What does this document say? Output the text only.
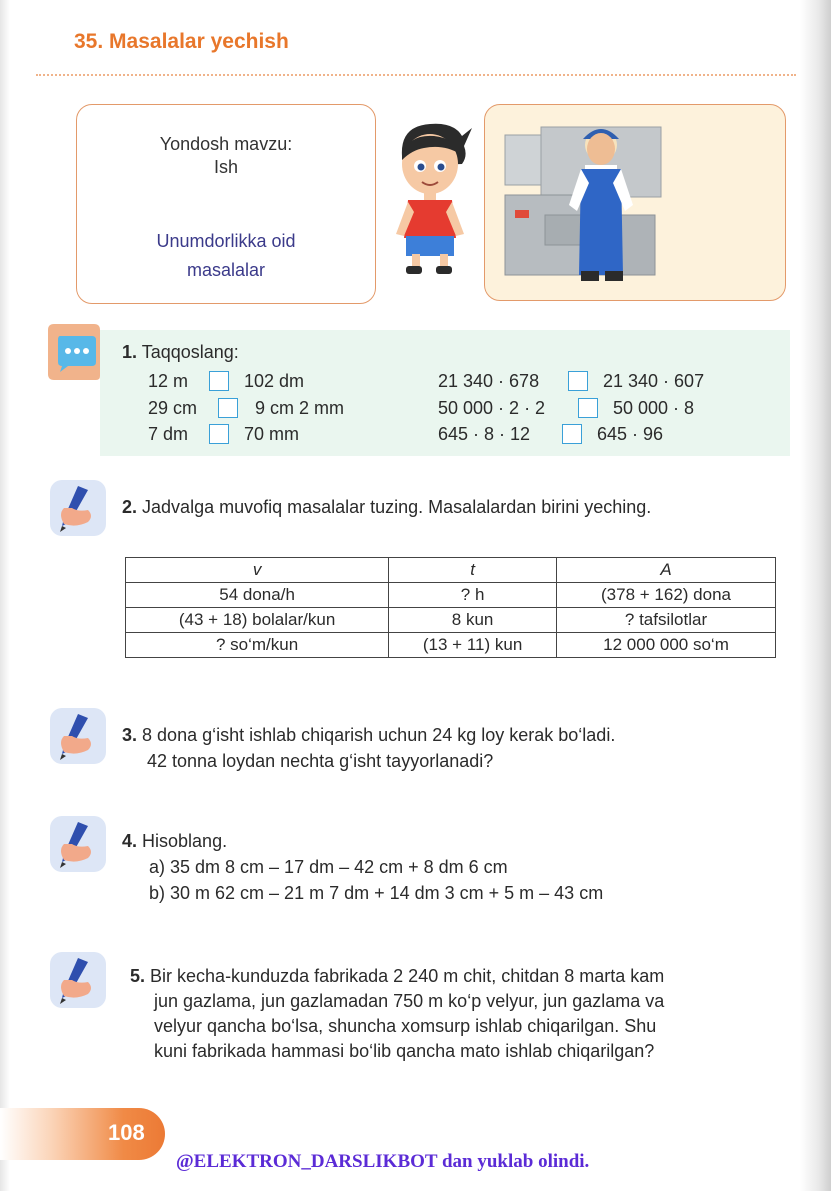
35. Masalalar yechish
Yondosh mavzu:
Ish
Unumdorlikka oid
masalalar
1. Taqqoslang:
12 m	102 dm
29 cm	9 cm 2 mm
7 dm	70 mm
21 340 · 678	21 340 · 607
50 000 · 2 · 2	50 000 · 8
645 · 8 · 12	645 · 96
2. Jadvalga muvofiq masalalar tuzing. Masalalardan birini yeching.
v	t	A
54 dona/h	? h	(378 + 162) dona
(43 + 18) bolalar/kun	8 kun	? tafsilotlar
? so‘m/kun	(13 + 11) kun	12 000 000 so‘m
3. 8 dona g‘isht ishlab chiqarish uchun 24 kg loy kerak bo‘ladi.
42 tonna loydan nechta g‘isht tayyorlanadi?
4. Hisoblang.
a) 35 dm 8 cm – 17 dm – 42 cm + 8 dm 6 cm
b) 30 m 62 cm – 21 m 7 dm + 14 dm 3 cm + 5 m – 43 cm
5. Bir kecha-kunduzda fabrikada 2 240 m chit, chitdan 8 marta kam
jun gazlama, jun gazlamadan 750 m ko‘p velyur, jun gazlama va
velyur qancha bo‘lsa, shuncha xomsurp ishlab chiqarilgan. Shu
kuni fabrikada hammasi bo‘lib qancha mato ishlab chiqarilgan?
108
@ELEKTRON_DARSLIKBOT dan yuklab olindi.
